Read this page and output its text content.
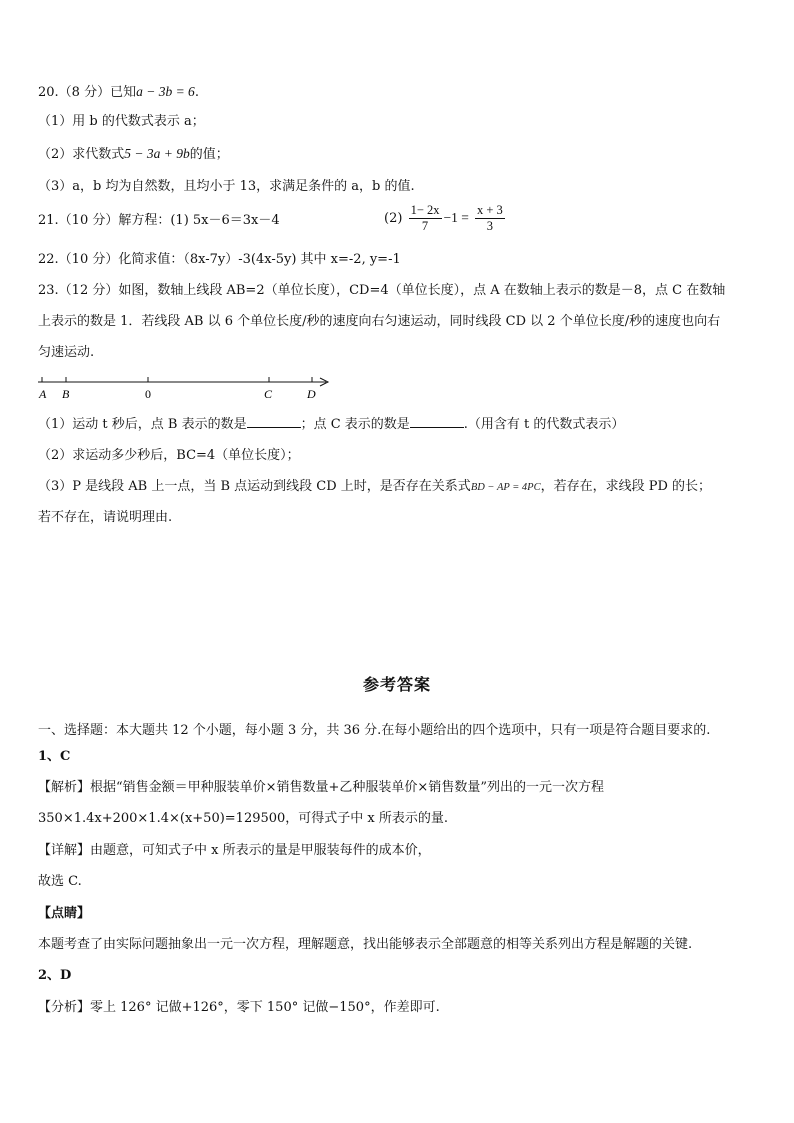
20.（8 分）已知a − 3b = 6.
（1）用 b 的代数式表示 a；
（2）求代数式5 − 3a + 9b的值；
（3）a，b 均为自然数，且均小于 13，求满足条件的 a，b 的值.
21.（10 分）解方程：(1) 5x－6＝3x－4	$(2) \frac{1- 2x}{7} -1 = \frac{x + 3}{3}$
22.（10 分）化简求值：（8x-7y）-3(4x-5y) 其中 x=-2, y=-1
23.（12 分）如图，数轴上线段 AB=2（单位长度），CD=4（单位长度），点 A 在数轴上表示的数是－8，点 C 在数轴
上表示的数是 1．若线段 AB 以 6 个单位长度/秒的速度向右匀速运动，同时线段 CD 以 2 个单位长度/秒的速度也向右
匀速运动.
A B	0	C	D
（1）运动 t 秒后，点 B 表示的数是	；点 C 表示的数是	.（用含有 t 的代数式表示）
（2）求运动多少秒后，BC=4（单位长度）；
（3）P 是线段 AB 上一点，当 B 点运动到线段 CD 上时，是否存在关系式BD − AP = 4PC，若存在，求线段 PD 的长；
若不存在，请说明理由.
参考答案
一、选择题：本大题共 12 个小题，每小题 3 分，共 36 分.在每小题给出的四个选项中，只有一项是符合题目要求的.
1、C
【解析】根据“销售金额＝甲种服装单价×销售数量+乙种服装单价×销售数量”列出的一元一次方程
350×1.4x+200×1.4×(x+50)=129500，可得式子中 x 所表示的量.
【详解】由题意，可知式子中 x 所表示的量是甲服装每件的成本价，
故选 C.
【点睛】
本题考查了由实际问题抽象出一元一次方程，理解题意，找出能够表示全部题意的相等关系列出方程是解题的关键.
2、D
【分析】零上 126° 记做+126°，零下 150° 记做−150°，作差即可.
